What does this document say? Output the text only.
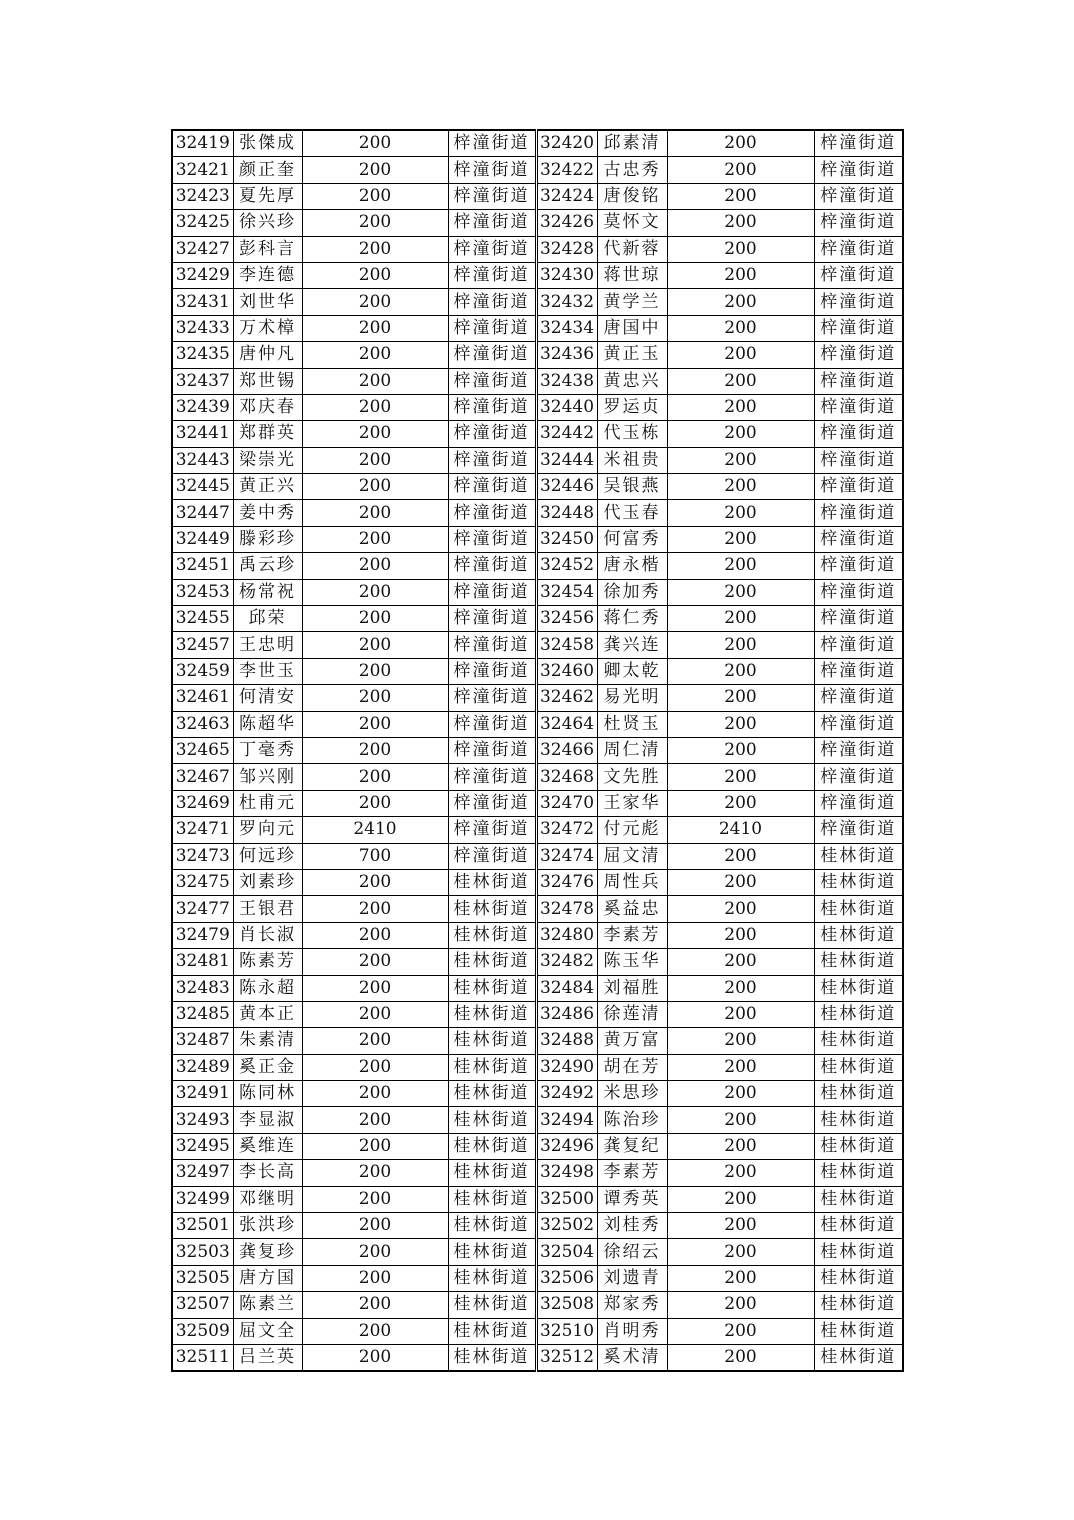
32419	张傑成	200	梓潼街道	32420	邱素清	200	梓潼街道
32421	颜正奎	200	梓潼街道	32422	古忠秀	200	梓潼街道
32423	夏先厚	200	梓潼街道	32424	唐俊铭	200	梓潼街道
32425	徐兴珍	200	梓潼街道	32426	莫怀文	200	梓潼街道
32427	彭科言	200	梓潼街道	32428	代新蓉	200	梓潼街道
32429	李连德	200	梓潼街道	32430	蒋世琼	200	梓潼街道
32431	刘世华	200	梓潼街道	32432	黄学兰	200	梓潼街道
32433	万术樟	200	梓潼街道	32434	唐国中	200	梓潼街道
32435	唐仲凡	200	梓潼街道	32436	黄正玉	200	梓潼街道
32437	郑世锡	200	梓潼街道	32438	黄忠兴	200	梓潼街道
32439	邓庆春	200	梓潼街道	32440	罗运贞	200	梓潼街道
32441	郑群英	200	梓潼街道	32442	代玉栋	200	梓潼街道
32443	梁崇光	200	梓潼街道	32444	米祖贵	200	梓潼街道
32445	黄正兴	200	梓潼街道	32446	吴银燕	200	梓潼街道
32447	姜中秀	200	梓潼街道	32448	代玉春	200	梓潼街道
32449	滕彩珍	200	梓潼街道	32450	何富秀	200	梓潼街道
32451	禹云珍	200	梓潼街道	32452	唐永楷	200	梓潼街道
32453	杨常祝	200	梓潼街道	32454	徐加秀	200	梓潼街道
32455	邱荣	200	梓潼街道	32456	蒋仁秀	200	梓潼街道
32457	王忠明	200	梓潼街道	32458	龚兴连	200	梓潼街道
32459	李世玉	200	梓潼街道	32460	卿太乾	200	梓潼街道
32461	何清安	200	梓潼街道	32462	易光明	200	梓潼街道
32463	陈超华	200	梓潼街道	32464	杜贤玉	200	梓潼街道
32465	丁毫秀	200	梓潼街道	32466	周仁清	200	梓潼街道
32467	邹兴刚	200	梓潼街道	32468	文先胜	200	梓潼街道
32469	杜甫元	200	梓潼街道	32470	王家华	200	梓潼街道
32471	罗向元	2410	梓潼街道	32472	付元彪	2410	梓潼街道
32473	何远珍	700	梓潼街道	32474	屈文清	200	桂林街道
32475	刘素珍	200	桂林街道	32476	周性兵	200	桂林街道
32477	王银君	200	桂林街道	32478	奚益忠	200	桂林街道
32479	肖长淑	200	桂林街道	32480	李素芳	200	桂林街道
32481	陈素芳	200	桂林街道	32482	陈玉华	200	桂林街道
32483	陈永超	200	桂林街道	32484	刘福胜	200	桂林街道
32485	黄本正	200	桂林街道	32486	徐莲清	200	桂林街道
32487	朱素清	200	桂林街道	32488	黄万富	200	桂林街道
32489	奚正金	200	桂林街道	32490	胡在芳	200	桂林街道
32491	陈同林	200	桂林街道	32492	米思珍	200	桂林街道
32493	李显淑	200	桂林街道	32494	陈治珍	200	桂林街道
32495	奚维连	200	桂林街道	32496	龚复纪	200	桂林街道
32497	李长高	200	桂林街道	32498	李素芳	200	桂林街道
32499	邓继明	200	桂林街道	32500	谭秀英	200	桂林街道
32501	张洪珍	200	桂林街道	32502	刘桂秀	200	桂林街道
32503	龚复珍	200	桂林街道	32504	徐绍云	200	桂林街道
32505	唐方国	200	桂林街道	32506	刘遗青	200	桂林街道
32507	陈素兰	200	桂林街道	32508	郑家秀	200	桂林街道
32509	屈文全	200	桂林街道	32510	肖明秀	200	桂林街道
32511	吕兰英	200	桂林街道	32512	奚术清	200	桂林街道
